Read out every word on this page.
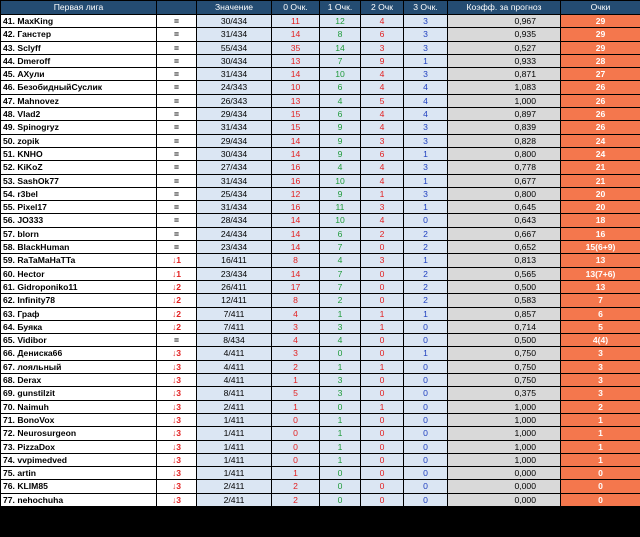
Первая лига		Значение	0 Очк.	1 Очк.	2 Очк	3 Очк.	Коэфф. за прогноз	Очки
41. MaxKing	=	30/434	11	12	4	3	0,967	29
42. Ганстер	=	31/434	14	8	6	3	0,935	29
43. Sclyff	=	55/434	35	14	3	3	0,527	29
44. Dmeroff	=	30/434	13	7	9	1	0,933	28
45. АХули	=	31/434	14	10	4	3	0,871	27
46. БезобидныйСуслик	=	24/343	10	6	4	4	1,083	26
47. Mahnovez	=	26/343	13	4	5	4	1,000	26
48. Vlad2	=	29/434	15	6	4	4	0,897	26
49. Spinogryz	=	31/434	15	9	4	3	0,839	26
50. zopik	=	29/434	14	9	3	3	0,828	24
51. KNHO	=	30/434	14	9	6	1	0,800	24
52. KiKoZ	=	27/434	16	4	4	3	0,778	21
53. SashOk77	=	31/434	16	10	4	1	0,677	21
54. r3bel	=	25/434	12	9	1	3	0,800	20
55. Pixel17	=	31/434	16	11	3	1	0,645	20
56. JO333	=	28/434	14	10	4	0	0,643	18
57. blorn	=	24/434	14	6	2	2	0,667	16
58. BlackHuman	=	23/434	14	7	0	2	0,652	15(6+9)
59. RaTaMaHaTTa	↓1	16/411	8	4	3	1	0,813	13
60. Hector	↓1	23/434	14	7	0	2	0,565	13(7+6)
61. Gidroponiko11	↓2	26/411	17	7	0	2	0,500	13
62. Infinity78	↓2	12/411	8	2	0	2	0,583	7
63. Граф	↓2	7/411	4	1	1	1	0,857	6
64. Буяка	↓2	7/411	3	3	1	0	0,714	5
65. Vidibor	=	8/434	4	4	0	0	0,500	4(4)
66. Дениска66	↓3	4/411	3	0	0	1	0,750	3
67. лояльный	↓3	4/411	2	1	1	0	0,750	3
68. Derax	↓3	4/411	1	3	0	0	0,750	3
69. gunstilzit	↓3	8/411	5	3	0	0	0,375	3
70. Naimuh	↓3	2/411	1	0	1	0	1,000	2
71. BonoVox	↓3	1/411	0	1	0	0	1,000	1
72. Neurosurgeon	↓3	1/411	0	1	0	0	1,000	1
73. PizzaDox	↓3	1/411	0	1	0	0	1,000	1
74. vvpimedved	↓3	1/411	0	1	0	0	1,000	1
75. artin	↓3	1/411	1	0	0	0	0,000	0
76. KLIM85	↓3	2/411	2	0	0	0	0,000	0
77. nehochuha	↓3	2/411	2	0	0	0	0,000	0
